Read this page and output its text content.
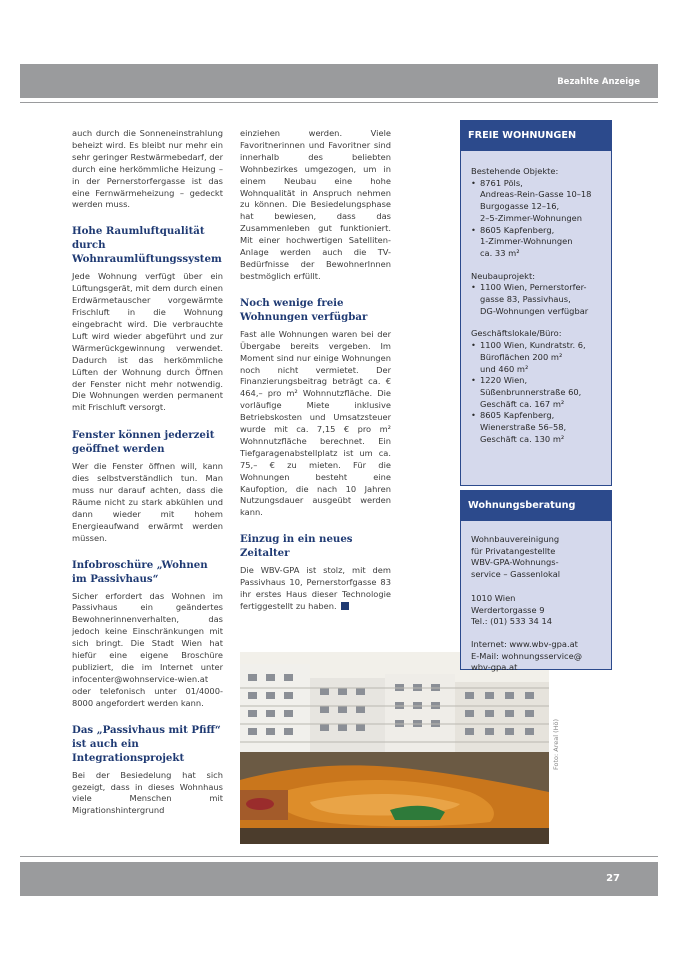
Bezahlte Anzeige

auch durch die Sonneneinstrahlung beheizt wird. Es bleibt nur mehr ein sehr geringer Restwärmebedarf, der durch eine herkömmliche Heizung – in der Pernerstorfergasse ist das eine Fernwärmeheizung – gedeckt werden muss.

Hohe Raumluftqualität durch Wohnraumlüftungssystem

Jede Wohnung verfügt über ein Lüftungsgerät, mit dem durch einen Erdwärmetauscher vorgewärmte Frischluft in die Wohnung eingebracht wird. Die verbrauchte Luft wird wieder abgeführt und zur Wärmerückgewinnung verwendet. Dadurch ist das herkömmliche Lüften der Wohnung durch Öffnen der Fenster nicht mehr notwendig. Die Wohnungen werden permanent mit Frischluft versorgt.

Fenster können jederzeit geöffnet werden

Wer die Fenster öffnen will, kann dies selbstverständlich tun. Man muss nur darauf achten, dass die Räume nicht zu stark abkühlen und dann wieder mit hohem Energieaufwand erwärmt werden müssen.

Infobroschüre „Wohnen im Passivhaus“

Sicher erfordert das Wohnen im Passivhaus ein geändertes Bewohnerinnenverhalten, das jedoch keine Einschränkungen mit sich bringt. Die Stadt Wien hat hiefür eine eigene Broschüre publiziert, die im Internet unter infocenter@wohnservice-wien.at oder telefonisch unter 01/4000-8000 angefordert werden kann.

Das „Passivhaus mit Pfiff“ ist auch ein Integrationsprojekt

Bei der Besiedelung hat sich gezeigt, dass in dieses Wohnhaus viele Menschen mit Migrationshintergrund

einziehen werden. Viele Favoritnerinnen und Favoritner sind innerhalb des beliebten Wohnbezirkes umgezogen, um in einem Neubau eine hohe Wohnqualität in Anspruch nehmen zu können. Die Besiedelungsphase hat bewiesen, dass das Zusammenleben gut funktioniert. Mit einer hochwertigen Satelliten-Anlage werden auch die TV-Bedürfnisse der BewohnerInnen bestmöglich erfüllt.

Noch wenige freie Wohnungen verfügbar

Fast alle Wohnungen waren bei der Übergabe bereits vergeben. Im Moment sind nur einige Wohnungen noch nicht vermietet. Der Finanzierungsbeitrag beträgt ca. € 464,– pro m² Wohnnutzfläche. Die vorläufige Miete inklusive Betriebskosten und Umsatzsteuer wurde mit ca. 7,15 € pro m² Wohnnutzfläche berechnet. Ein Tiefgaragenabstellplatz ist um ca. 75,– € zu mieten. Für die Wohnungen besteht eine Kaufoption, die nach 10 Jahren Nutzungsdauer ausgeübt werden kann.

Einzug in ein neues Zeitalter

Die WBV-GPA ist stolz, mit dem Passivhaus 10, Pernerstorfgasse 83 ihr erstes Haus dieser Technologie fertiggestellt zu haben.

Foto: Areal (Hö)
FREIE WOHNUNGEN

Bestehende Objekte:

• 8761 Pöls,
Andreas-Rein-Gasse 10–18
Burgogasse 12–16,
2–5-Zimmer-Wohnungen
• 8605 Kapfenberg,
1-Zimmer-Wohnungen
ca. 33 m²

Neubauprojekt:

• 1100 Wien, Pernerstorfer-
gasse 83, Passivhaus,
DG-Wohnungen verfügbar

Geschäftslokale/Büro:

• 1100 Wien, Kundratstr. 6,
Büroflächen 200 m²
und 460 m²
• 1220 Wien,
Süßenbrunnerstraße 60,
Geschäft ca. 167 m²
• 8605 Kapfenberg,
Wienerstraße 56–58,
Geschäft ca. 130 m²
Wohnungsberatung

Wohnbauvereinigung
für Privatangestellte
WBV-GPA-Wohnungs-
service – Gassenlokal

1010 Wien
Werdertorgasse 9
Tel.: (01) 533 34 14

Internet: www.wbv-gpa.at
E-Mail: wohnungsservice@
wbv-gpa.at

27
